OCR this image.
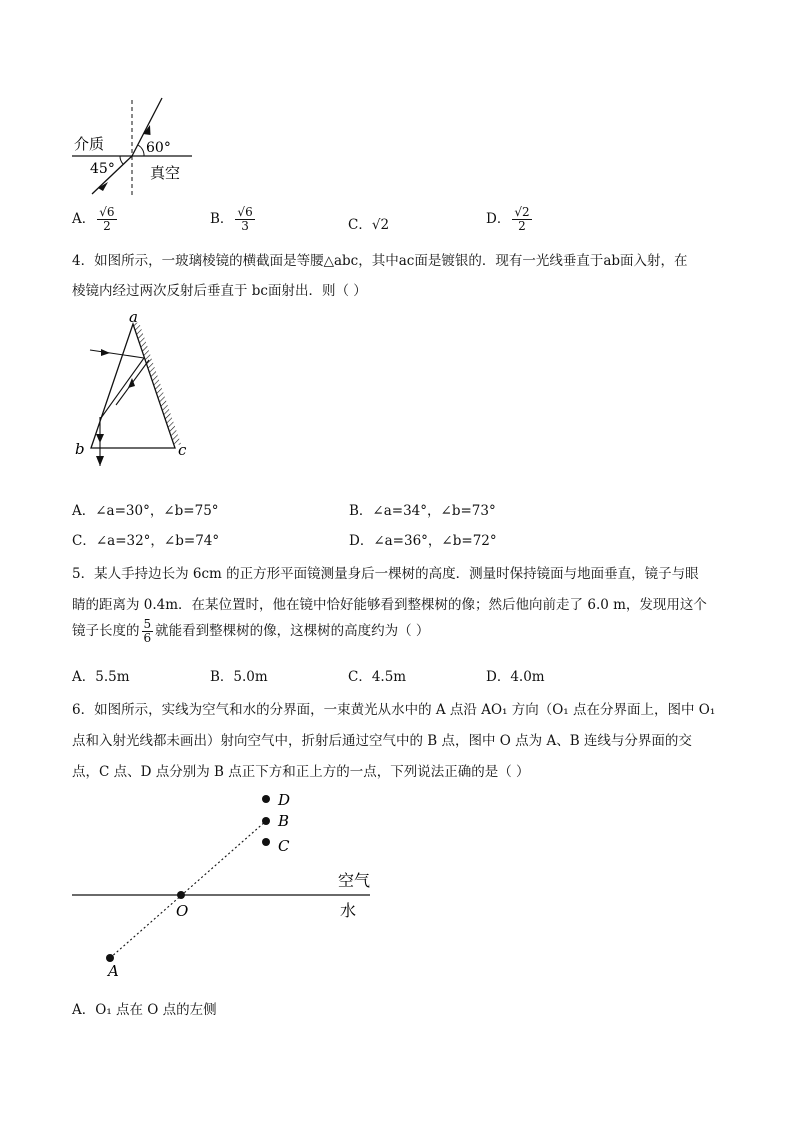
介质
真空
60°
45°
A． $\frac{√6}{2}$	B． $\frac{√6}{3}$	C．√2	D． $\frac{√2}{2}$
4．如图所示，一玻璃棱镜的横截面是等腰△abc，其中ac面是镀银的．现有一光线垂直于ab面入射，在
棱镜内经过两次反射后垂直于 bc面射出．则（ ）
a
b	c
A．∠a=30°，∠b=75°	B．∠a=34°，∠b=73°
C．∠a=32°，∠b=74°	D．∠a=36°，∠b=72°
5．某人手持边长为 6cm 的正方形平面镜测量身后一棵树的高度．测量时保持镜面与地面垂直，镜子与眼
睛的距离为 0.4m．在某位置时，他在镜中恰好能够看到整棵树的像；然后他向前走了 6.0 m，发现用这个
镜子长度的 $\frac{5}{6}$ 就能看到整棵树的像，这棵树的高度约为（ ）
A．5.5m	B．5.0m	C．4.5m	D．4.0m
6．如图所示，实线为空气和水的分界面，一束黄光从水中的 A 点沿 AO₁ 方向（O₁ 点在分界面上，图中 O₁
点和入射光线都未画出）射向空气中，折射后通过空气中的 B 点，图中 O 点为 A、B 连线与分界面的交
点，C 点、D 点分别为 B 点正下方和正上方的一点，下列说法正确的是（ ）
D
B
C
O
A
空气
水
A．O₁ 点在 O 点的左侧
